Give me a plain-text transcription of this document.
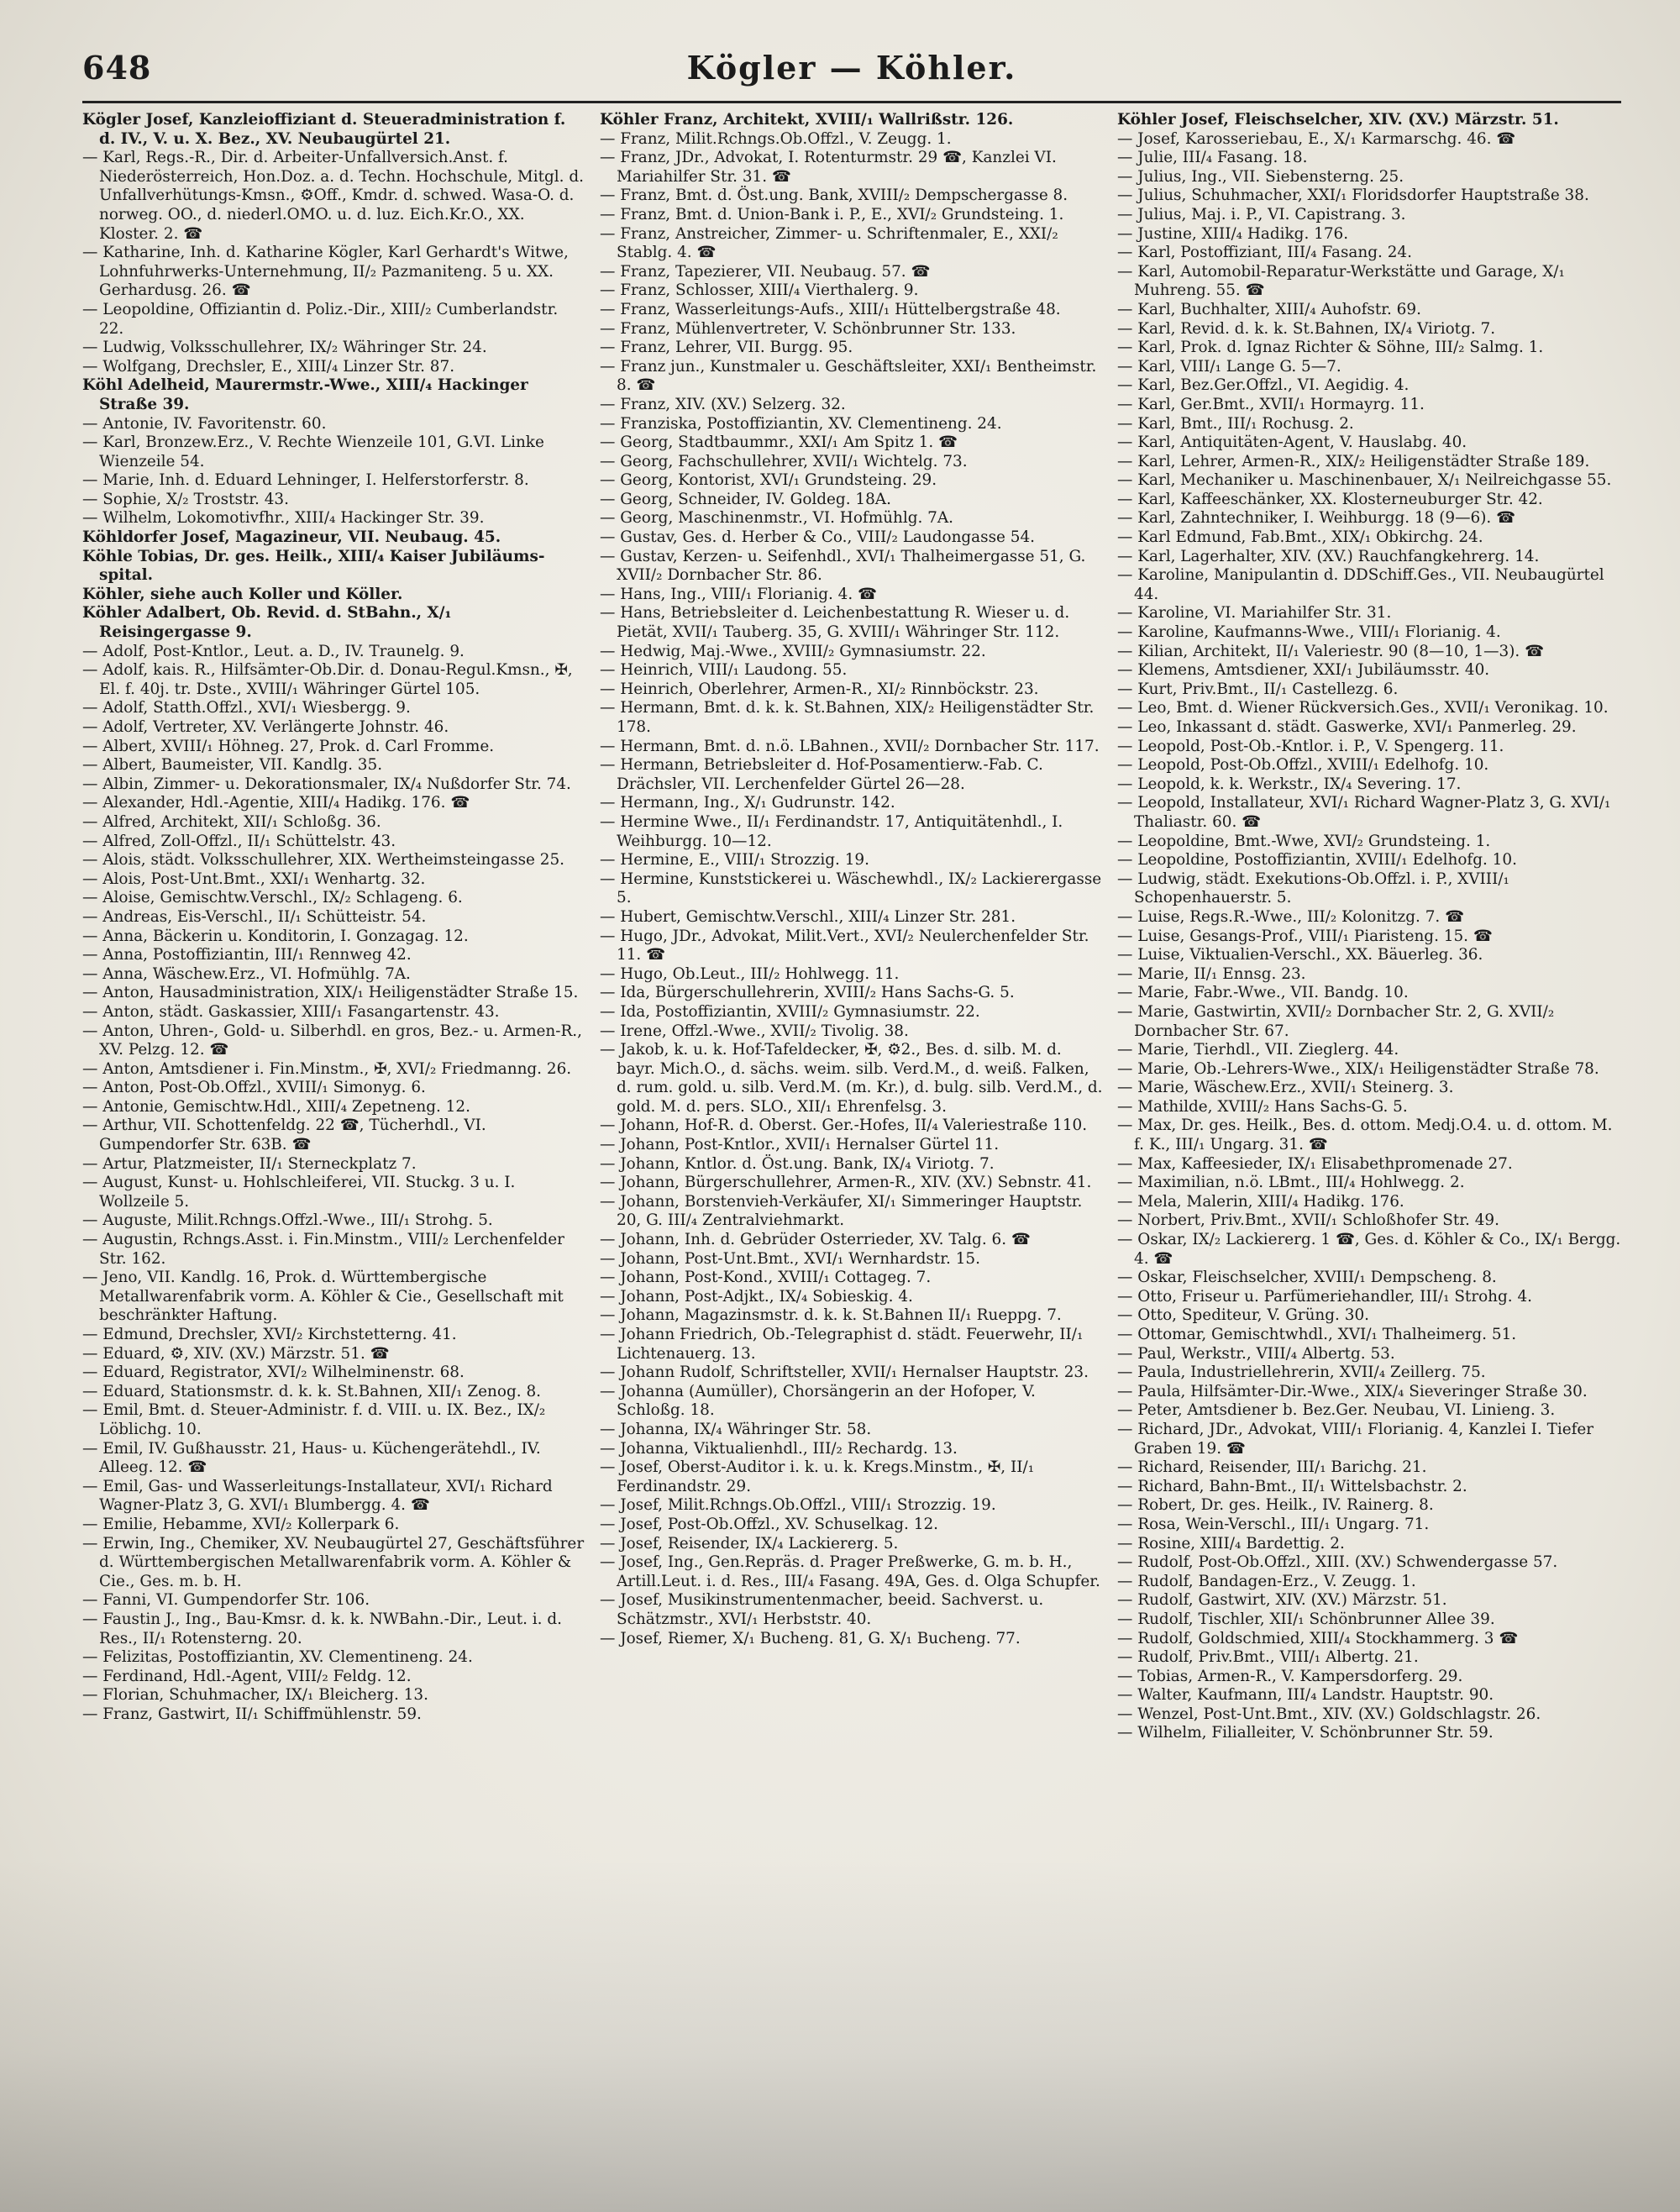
648	Kögler — Köhler.

Kögler Josef, Kanzleioffiziant d. Steueradministration f. d. IV., V. u. X. Bez., XV. Neubaugürtel 21.

— Karl, Regs.-R., Dir. d. Arbeiter-Unfallversich.Anst. f. Niederösterreich, Hon.Doz. a. d. Techn. Hochschule, Mitgl. d. Unfallverhütungs-Kmsn., ⚙Off., Kmdr. d. schwed. Wasa-O. d. norweg. OO., d. niederl.OMO. u. d. luz. Eich.Kr.O., XX. Kloster. 2. ☎

— Katharine, Inh. d. Katharine Kögler, Karl Gerhardt's Witwe, Lohnfuhrwerks-Unternehmung, II/₂ Pazmaniteng. 5 u. XX. Gerhardusg. 26. ☎

— Leopoldine, Offiziantin d. Poliz.-Dir., XIII/₂ Cumberlandstr. 22.

— Ludwig, Volksschullehrer, IX/₂ Währinger Str. 24.

— Wolfgang, Drechsler, E., XIII/₄ Linzer Str. 87.

Köhl Adelheid, Maurermstr.-Wwe., XIII/₄ Hackinger Straße 39.

— Antonie, IV. Favoritenstr. 60.

— Karl, Bronzew.Erz., V. Rechte Wienzeile 101, G.VI. Linke Wienzeile 54.

— Marie, Inh. d. Eduard Lehninger, I. Helferstorferstr. 8.

— Sophie, X/₂ Troststr. 43.

— Wilhelm, Lokomotivfhr., XIII/₄ Hackinger Str. 39.

Köhldorfer Josef, Magazineur, VII. Neubaug. 45.

Köhle Tobias, Dr. ges. Heilk., XIII/₄ Kaiser Jubiläums-spital.

Köhler, siehe auch Koller und Köller.

Köhler Adalbert, Ob. Revid. d. StBahn., X/₁ Reisingergasse 9.

— Adolf, Post-Kntlor., Leut. a. D., IV. Traunelg. 9.

— Adolf, kais. R., Hilfsämter-Ob.Dir. d. Donau-Regul.Kmsn., ✠, El. f. 40j. tr. Dste., XVIII/₁ Währinger Gürtel 105.

— Adolf, Statth.Offzl., XVI/₁ Wiesbergg. 9.

— Adolf, Vertreter, XV. Verlängerte Johnstr. 46.

— Albert, XVIII/₁ Höhneg. 27, Prok. d. Carl Fromme.

— Albert, Baumeister, VII. Kandlg. 35.

— Albin, Zimmer- u. Dekorationsmaler, IX/₄ Nußdorfer Str. 74.

— Alexander, Hdl.-Agentie, XIII/₄ Hadikg. 176. ☎

— Alfred, Architekt, XII/₁ Schloßg. 36.

— Alfred, Zoll-Offzl., II/₁ Schüttelstr. 43.

— Alois, städt. Volksschullehrer, XIX. Wertheimsteingasse 25.

— Alois, Post-Unt.Bmt., XXI/₁ Wenhartg. 32.

— Aloise, Gemischtw.Verschl., IX/₂ Schlageng. 6.

— Andreas, Eis-Verschl., II/₁ Schütteistr. 54.

— Anna, Bäckerin u. Konditorin, I. Gonzagag. 12.

— Anna, Postoffiziantin, III/₁ Rennweg 42.

— Anna, Wäschew.Erz., VI. Hofmühlg. 7A.

— Anton, Hausadministration, XIX/₁ Heiligenstädter Straße 15.

— Anton, städt. Gaskassier, XIII/₁ Fasangartenstr. 43.

— Anton, Uhren-, Gold- u. Silberhdl. en gros, Bez.- u. Armen-R., XV. Pelzg. 12. ☎

— Anton, Amtsdiener i. Fin.Minstm., ✠, XVI/₂ Friedmanng. 26.

— Anton, Post-Ob.Offzl., XVIII/₁ Simonyg. 6.

— Antonie, Gemischtw.Hdl., XIII/₄ Zepetneng. 12.

— Arthur, VII. Schottenfeldg. 22 ☎, Tücherhdl., VI. Gumpendorfer Str. 63B. ☎

— Artur, Platzmeister, II/₁ Sterneckplatz 7.

— August, Kunst- u. Hohlschleiferei, VII. Stuckg. 3 u. I. Wollzeile 5.

— Auguste, Milit.Rchngs.Offzl.-Wwe., III/₁ Strohg. 5.

— Augustin, Rchngs.Asst. i. Fin.Minstm., VIII/₂ Lerchenfelder Str. 162.

— Jeno, VII. Kandlg. 16, Prok. d. Württembergische Metallwarenfabrik vorm. A. Köhler & Cie., Gesellschaft mit beschränkter Haftung.

— Edmund, Drechsler, XVI/₂ Kirchstetterng. 41.

— Eduard, ⚙, XIV. (XV.) Märzstr. 51. ☎

— Eduard, Registrator, XVI/₂ Wilhelminenstr. 68.

— Eduard, Stationsmstr. d. k. k. St.Bahnen, XII/₁ Zenog. 8.

— Emil, Bmt. d. Steuer-Administr. f. d. VIII. u. IX. Bez., IX/₂ Löblichg. 10.

— Emil, IV. Gußhausstr. 21, Haus- u. Küchengerätehdl., IV. Alleeg. 12. ☎

— Emil, Gas- und Wasserleitungs-Installateur, XVI/₁ Richard Wagner-Platz 3, G. XVI/₁ Blumbergg. 4. ☎

— Emilie, Hebamme, XVI/₂ Kollerpark 6.

— Erwin, Ing., Chemiker, XV. Neubaugürtel 27, Geschäftsführer d. Württembergischen Metallwarenfabrik vorm. A. Köhler & Cie., Ges. m. b. H.

— Fanni, VI. Gumpendorfer Str. 106.

— Faustin J., Ing., Bau-Kmsr. d. k. k. NWBahn.-Dir., Leut. i. d. Res., II/₁ Rotensterng. 20.

— Felizitas, Postoffiziantin, XV. Clementineng. 24.

— Ferdinand, Hdl.-Agent, VIII/₂ Feldg. 12.

— Florian, Schuhmacher, IX/₁ Bleicherg. 13.

— Franz, Gastwirt, II/₁ Schiffmühlenstr. 59.

Köhler Franz, Architekt, XVIII/₁ Wallrißstr. 126.

— Franz, Milit.Rchngs.Ob.Offzl., V. Zeugg. 1.

— Franz, JDr., Advokat, I. Rotenturmstr. 29 ☎, Kanzlei VI. Mariahilfer Str. 31. ☎

— Franz, Bmt. d. Öst.ung. Bank, XVIII/₂ Dempschergasse 8.

— Franz, Bmt. d. Union-Bank i. P., E., XVI/₂ Grundsteing. 1.

— Franz, Anstreicher, Zimmer- u. Schriftenmaler, E., XXI/₂ Stablg. 4. ☎

— Franz, Tapezierer, VII. Neubaug. 57. ☎

— Franz, Schlosser, XIII/₄ Vierthalerg. 9.

— Franz, Wasserleitungs-Aufs., XIII/₁ Hüttelbergstraße 48.

— Franz, Mühlenvertreter, V. Schönbrunner Str. 133.

— Franz, Lehrer, VII. Burgg. 95.

— Franz jun., Kunstmaler u. Geschäftsleiter, XXI/₁ Bentheimstr. 8. ☎

— Franz, XIV. (XV.) Selzerg. 32.

— Franziska, Postoffiziantin, XV. Clementineng. 24.

— Georg, Stadtbaummr., XXI/₁ Am Spitz 1. ☎

— Georg, Fachschullehrer, XVII/₁ Wichtelg. 73.

— Georg, Kontorist, XVI/₁ Grundsteing. 29.

— Georg, Schneider, IV. Goldeg. 18A.

— Georg, Maschinenmstr., VI. Hofmühlg. 7A.

— Gustav, Ges. d. Herber & Co., VIII/₂ Laudongasse 54.

— Gustav, Kerzen- u. Seifenhdl., XVI/₁ Thalheimergasse 51, G. XVII/₂ Dornbacher Str. 86.

— Hans, Ing., VIII/₁ Florianig. 4. ☎

— Hans, Betriebsleiter d. Leichenbestattung R. Wieser u. d. Pietät, XVII/₁ Tauberg. 35, G. XVIII/₁ Währinger Str. 112.

— Hedwig, Maj.-Wwe., XVIII/₂ Gymnasiumstr. 22.

— Heinrich, VIII/₁ Laudong. 55.

— Heinrich, Oberlehrer, Armen-R., XI/₂ Rinnböckstr. 23.

— Hermann, Bmt. d. k. k. St.Bahnen, XIX/₂ Heiligenstädter Str. 178.

— Hermann, Bmt. d. n.ö. LBahnen., XVII/₂ Dornbacher Str. 117.

— Hermann, Betriebsleiter d. Hof-Posamentierw.-Fab. C. Drächsler, VII. Lerchenfelder Gürtel 26—28.

— Hermann, Ing., X/₁ Gudrunstr. 142.

— Hermine Wwe., II/₁ Ferdinandstr. 17, Antiquitätenhdl., I. Weihburgg. 10—12.

— Hermine, E., VIII/₁ Strozzig. 19.

— Hermine, Kunststickerei u. Wäschewhdl., IX/₂ Lackierergasse 5.

— Hubert, Gemischtw.Verschl., XIII/₄ Linzer Str. 281.

— Hugo, JDr., Advokat, Milit.Vert., XVI/₂ Neulerchenfelder Str. 11. ☎

— Hugo, Ob.Leut., III/₂ Hohlwegg. 11.

— Ida, Bürgerschullehrerin, XVIII/₂ Hans Sachs-G. 5.

— Ida, Postoffiziantin, XVIII/₂ Gymnasiumstr. 22.

— Irene, Offzl.-Wwe., XVII/₂ Tivolig. 38.

— Jakob, k. u. k. Hof-Tafeldecker, ✠, ⚙2., Bes. d. silb. M. d. bayr. Mich.O., d. sächs. weim. silb. Verd.M., d. weiß. Falken, d. rum. gold. u. silb. Verd.M. (m. Kr.), d. bulg. silb. Verd.M., d. gold. M. d. pers. SLO., XII/₁ Ehrenfelsg. 3.

— Johann, Hof-R. d. Oberst. Ger.-Hofes, II/₄ Valeriestraße 110.

— Johann, Post-Kntlor., XVII/₁ Hernalser Gürtel 11.

— Johann, Kntlor. d. Öst.ung. Bank, IX/₄ Viriotg. 7.

— Johann, Bürgerschullehrer, Armen-R., XIV. (XV.) Sebnstr. 41.

— Johann, Borstenvieh-Verkäufer, XI/₁ Simmeringer Hauptstr. 20, G. III/₄ Zentralviehmarkt.

— Johann, Inh. d. Gebrüder Osterrieder, XV. Talg. 6. ☎

— Johann, Post-Unt.Bmt., XVI/₁ Wernhardstr. 15.

— Johann, Post-Kond., XVIII/₁ Cottageg. 7.

— Johann, Post-Adjkt., IX/₄ Sobieskig. 4.

— Johann, Magazinsmstr. d. k. k. St.Bahnen II/₁ Rueppg. 7.

— Johann Friedrich, Ob.-Telegraphist d. städt. Feuerwehr, II/₁ Lichtenauerg. 13.

— Johann Rudolf, Schriftsteller, XVII/₁ Hernalser Hauptstr. 23.

— Johanna (Aumüller), Chorsängerin an der Hofoper, V. Schloßg. 18.

— Johanna, IX/₄ Währinger Str. 58.

— Johanna, Viktualienhdl., III/₂ Rechardg. 13.

— Josef, Oberst-Auditor i. k. u. k. Kregs.Minstm., ✠, II/₁ Ferdinandstr. 29.

— Josef, Milit.Rchngs.Ob.Offzl., VIII/₁ Strozzig. 19.

— Josef, Post-Ob.Offzl., XV. Schuselkag. 12.

— Josef, Reisender, IX/₄ Lackiererg. 5.

— Josef, Ing., Gen.Repräs. d. Prager Preßwerke, G. m. b. H., Artill.Leut. i. d. Res., III/₄ Fasang. 49A, Ges. d. Olga Schupfer.

— Josef, Musikinstrumentenmacher, beeid. Sachverst. u. Schätzmstr., XVI/₁ Herbststr. 40.

— Josef, Riemer, X/₁ Bucheng. 81, G. X/₁ Bucheng. 77.

Köhler Josef, Fleischselcher, XIV. (XV.) Märzstr. 51.

— Josef, Karosseriebau, E., X/₁ Karmarschg. 46. ☎

— Julie, III/₄ Fasang. 18.

— Julius, Ing., VII. Siebensterng. 25.

— Julius, Schuhmacher, XXI/₁ Floridsdorfer Hauptstraße 38.

— Julius, Maj. i. P., VI. Capistrang. 3.

— Justine, XIII/₄ Hadikg. 176.

— Karl, Postoffiziant, III/₄ Fasang. 24.

— Karl, Automobil-Reparatur-Werkstätte und Garage, X/₁ Muhreng. 55. ☎

— Karl, Buchhalter, XIII/₄ Auhofstr. 69.

— Karl, Revid. d. k. k. St.Bahnen, IX/₄ Viriotg. 7.

— Karl, Prok. d. Ignaz Richter & Söhne, III/₂ Salmg. 1.

— Karl, VIII/₁ Lange G. 5—7.

— Karl, Bez.Ger.Offzl., VI. Aegidig. 4.

— Karl, Ger.Bmt., XVII/₁ Hormayrg. 11.

— Karl, Bmt., III/₁ Rochusg. 2.

— Karl, Antiquitäten-Agent, V. Hauslabg. 40.

— Karl, Lehrer, Armen-R., XIX/₂ Heiligenstädter Straße 189.

— Karl, Mechaniker u. Maschinenbauer, X/₁ Neilreichgasse 55.

— Karl, Kaffeeschänker, XX. Klosterneuburger Str. 42.

— Karl, Zahntechniker, I. Weihburgg. 18 (9—6). ☎

— Karl Edmund, Fab.Bmt., XIX/₁ Obkirchg. 24.

— Karl, Lagerhalter, XIV. (XV.) Rauchfangkehrerg. 14.

— Karoline, Manipulantin d. DDSchiff.Ges., VII. Neubaugürtel 44.

— Karoline, VI. Mariahilfer Str. 31.

— Karoline, Kaufmanns-Wwe., VIII/₁ Florianig. 4.

— Kilian, Architekt, II/₁ Valeriestr. 90 (8—10, 1—3). ☎

— Klemens, Amtsdiener, XXI/₁ Jubiläumsstr. 40.

— Kurt, Priv.Bmt., II/₁ Castellezg. 6.

— Leo, Bmt. d. Wiener Rückversich.Ges., XVII/₁ Veronikag. 10.

— Leo, Inkassant d. städt. Gaswerke, XVI/₁ Panmerleg. 29.

— Leopold, Post-Ob.-Kntlor. i. P., V. Spengerg. 11.

— Leopold, Post-Ob.Offzl., XVIII/₁ Edelhofg. 10.

— Leopold, k. k. Werkstr., IX/₄ Severing. 17.

— Leopold, Installateur, XVI/₁ Richard Wagner-Platz 3, G. XVI/₁ Thaliastr. 60. ☎

— Leopoldine, Bmt.-Wwe, XVI/₂ Grundsteing. 1.

— Leopoldine, Postoffiziantin, XVIII/₁ Edelhofg. 10.

— Ludwig, städt. Exekutions-Ob.Offzl. i. P., XVIII/₁ Schopenhauerstr. 5.

— Luise, Regs.R.-Wwe., III/₂ Kolonitzg. 7. ☎

— Luise, Gesangs-Prof., VIII/₁ Piaristeng. 15. ☎

— Luise, Viktualien-Verschl., XX. Bäuerleg. 36.

— Marie, II/₁ Ennsg. 23.

— Marie, Fabr.-Wwe., VII. Bandg. 10.

— Marie, Gastwirtin, XVII/₂ Dornbacher Str. 2, G. XVII/₂ Dornbacher Str. 67.

— Marie, Tierhdl., VII. Zieglerg. 44.

— Marie, Ob.-Lehrers-Wwe., XIX/₁ Heiligenstädter Straße 78.

— Marie, Wäschew.Erz., XVII/₁ Steinerg. 3.

— Mathilde, XVIII/₂ Hans Sachs-G. 5.

— Max, Dr. ges. Heilk., Bes. d. ottom. Medj.O.4. u. d. ottom. M. f. K., III/₁ Ungarg. 31. ☎

— Max, Kaffeesieder, IX/₁ Elisabethpromenade 27.

— Maximilian, n.ö. LBmt., III/₄ Hohlwegg. 2.

— Mela, Malerin, XIII/₄ Hadikg. 176.

— Norbert, Priv.Bmt., XVII/₁ Schloßhofer Str. 49.

— Oskar, IX/₂ Lackiererg. 1 ☎, Ges. d. Köhler & Co., IX/₁ Bergg. 4. ☎

— Oskar, Fleischselcher, XVIII/₁ Dempscheng. 8.

— Otto, Friseur u. Parfümeriehandler, III/₁ Strohg. 4.

— Otto, Spediteur, V. Grüng. 30.

— Ottomar, Gemischtwhdl., XVI/₁ Thalheimerg. 51.

— Paul, Werkstr., VIII/₄ Albertg. 53.

— Paula, Industriellehrerin, XVII/₄ Zeillerg. 75.

— Paula, Hilfsämter-Dir.-Wwe., XIX/₄ Sieveringer Straße 30.

— Peter, Amtsdiener b. Bez.Ger. Neubau, VI. Linieng. 3.

— Richard, JDr., Advokat, VIII/₁ Florianig. 4, Kanzlei I. Tiefer Graben 19. ☎

— Richard, Reisender, III/₁ Barichg. 21.

— Richard, Bahn-Bmt., II/₁ Wittelsbachstr. 2.

— Robert, Dr. ges. Heilk., IV. Rainerg. 8.

— Rosa, Wein-Verschl., III/₁ Ungarg. 71.

— Rosine, XIII/₄ Bardettig. 2.

— Rudolf, Post-Ob.Offzl., XIII. (XV.) Schwendergasse 57.

— Rudolf, Bandagen-Erz., V. Zeugg. 1.

— Rudolf, Gastwirt, XIV. (XV.) Märzstr. 51.

— Rudolf, Tischler, XII/₁ Schönbrunner Allee 39.

— Rudolf, Goldschmied, XIII/₄ Stockhammerg. 3 ☎

— Rudolf, Priv.Bmt., VIII/₁ Albertg. 21.

— Tobias, Armen-R., V. Kampersdorferg. 29.

— Walter, Kaufmann, III/₄ Landstr. Hauptstr. 90.

— Wenzel, Post-Unt.Bmt., XIV. (XV.) Goldschlagstr. 26.

— Wilhelm, Filialleiter, V. Schönbrunner Str. 59.
